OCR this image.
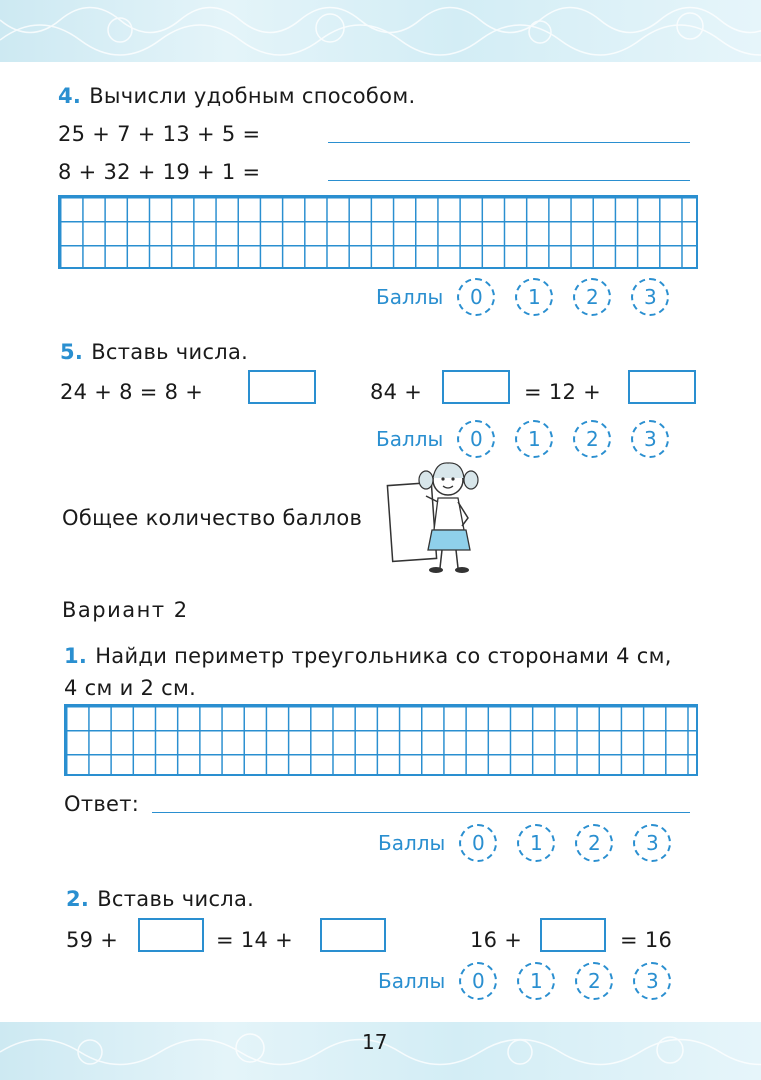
4. Вычисли удобным способом.
25 + 7 + 13 + 5 =
8 + 32 + 19 + 1 =
Баллы	0	1	2	3
5. Вставь числа.
24 + 8 = 8 +	84 +	= 12 +
Баллы	0	1	2	3
Общее количество баллов
Вариант 2
1. Найди периметр треугольника со сторонами 4 см,
4 см и 2 см.
Ответ:
Баллы	0	1	2	3
2. Вставь числа.
59 +	= 14 +	16 +	= 16
Баллы	0	1	2	3
17
